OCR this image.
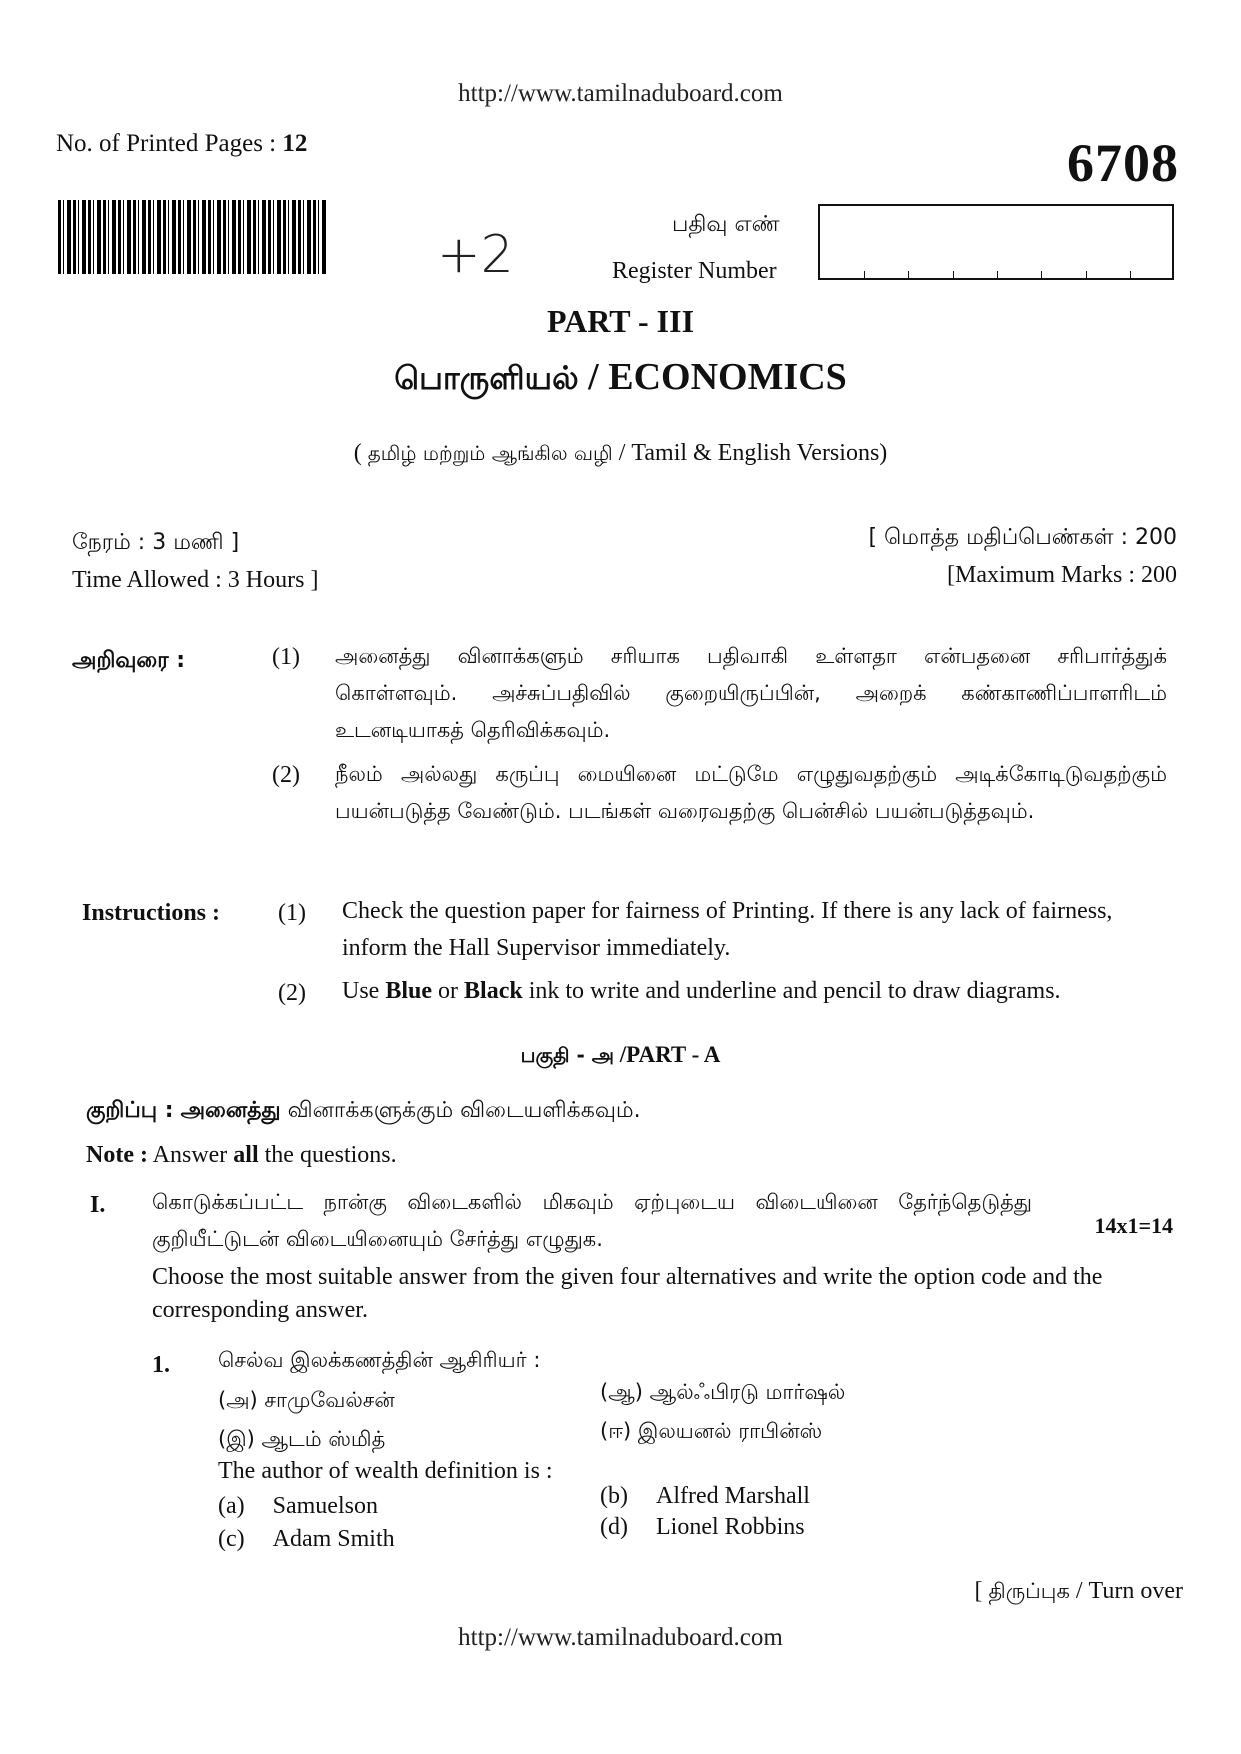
http://www.tamilnaduboard.com
No. of Printed Pages : 12	6708
+2
பதிவு எண்
Register Number
PART - III
பொருளியல் / ECONOMICS
( தமிழ் மற்றும் ஆங்கில வழி / Tamil & English Versions)
நேரம் : 3 மணி ]
Time Allowed : 3 Hours ]
[ மொத்த மதிப்பெண்கள் : 200
[Maximum Marks : 200
அறிவுரை :	(1) அனைத்து வினாக்களும் சரியாக பதிவாகி உள்ளதா என்பதனை சரிபார்த்துக் கொள்ளவும். அச்சுப்பதிவில் குறையிருப்பின், அறைக் கண்காணிப்பாளரிடம் உடனடியாகத் தெரிவிக்கவும்.
(2) நீலம் அல்லது கருப்பு மையினை மட்டுமே எழுதுவதற்கும் அடிக்கோடிடுவதற்கும் பயன்படுத்த வேண்டும். படங்கள் வரைவதற்கு பென்சில் பயன்படுத்தவும்.
Instructions : (1) Check the question paper for fairness of Printing. If there is any lack of fairness, inform the Hall Supervisor immediately.
(2) Use Blue or Black ink to write and underline and pencil to draw diagrams.
பகுதி - அ /PART - A
குறிப்பு : அனைத்து வினாக்களுக்கும் விடையளிக்கவும்.
Note : Answer all the questions.
I. கொடுக்கப்பட்ட நான்கு விடைகளில் மிகவும் ஏற்புடைய விடையினை தேர்ந்தெடுத்து குறியீட்டுடன் விடையினையும் சேர்த்து எழுதுக.
14x1=14
Choose the most suitable answer from the given four alternatives and write the option code and the corresponding answer.
1. செல்வ இலக்கணத்தின் ஆசிரியர் :
(அ) சாமுவேல்சன்	(ஆ) ஆல்ஃபிரடு மார்ஷல்
(இ) ஆடம் ஸ்மித்	(ஈ) இலயனல் ராபின்ஸ்
The author of wealth definition is :
(a) Samuelson	(b) Alfred Marshall
(c) Adam Smith	(d) Lionel Robbins
[ திருப்புக / Turn over
http://www.tamilnaduboard.com
